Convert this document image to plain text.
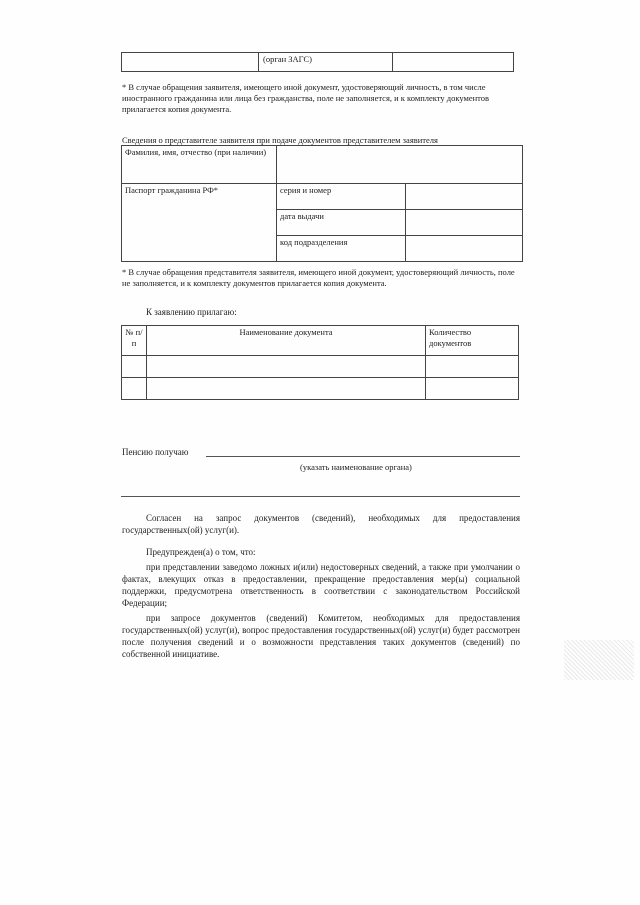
	(орган ЗАГС)	
* В случае обращения заявителя, имеющего иной документ, удостоверяющий личность, в том числе иностранного гражданина или лица без гражданства, поле не заполняется, и к комплекту документов прилагается копия документа.
Сведения о представителе заявителя при подаче документов представителем заявителя
Фамилия, имя, отчество (при наличии)		
Паспорт гражданина РФ*	серия и номер	
	дата выдачи	
	код подразделения	
* В случае обращения представителя заявителя, имеющего иной документ, удостоверяющий личность, поле не заполняется, и к комплекту документов прилагается копия документа.
К заявлению прилагаю:
№ п/п	Наименование документа	Количество документов

Пенсию получаю
(указать наименование органа)
Согласен на запрос документов (сведений), необходимых для предоставления государственных(ой) услуг(и).
Предупрежден(а) о том, что:
при представлении заведомо ложных и(или) недостоверных сведений, а также при умолчании о фактах, влекущих отказ в предоставлении, прекращение предоставления мер(ы) социальной поддержки, предусмотрена ответственность в соответствии с законодательством Российской Федерации;
при запросе документов (сведений) Комитетом, необходимых для предоставления государственных(ой) услуг(и), вопрос предоставления государственных(ой) услуг(и) будет рассмотрен после получения сведений и о возможности представления таких документов (сведений) по собственной инициативе.
